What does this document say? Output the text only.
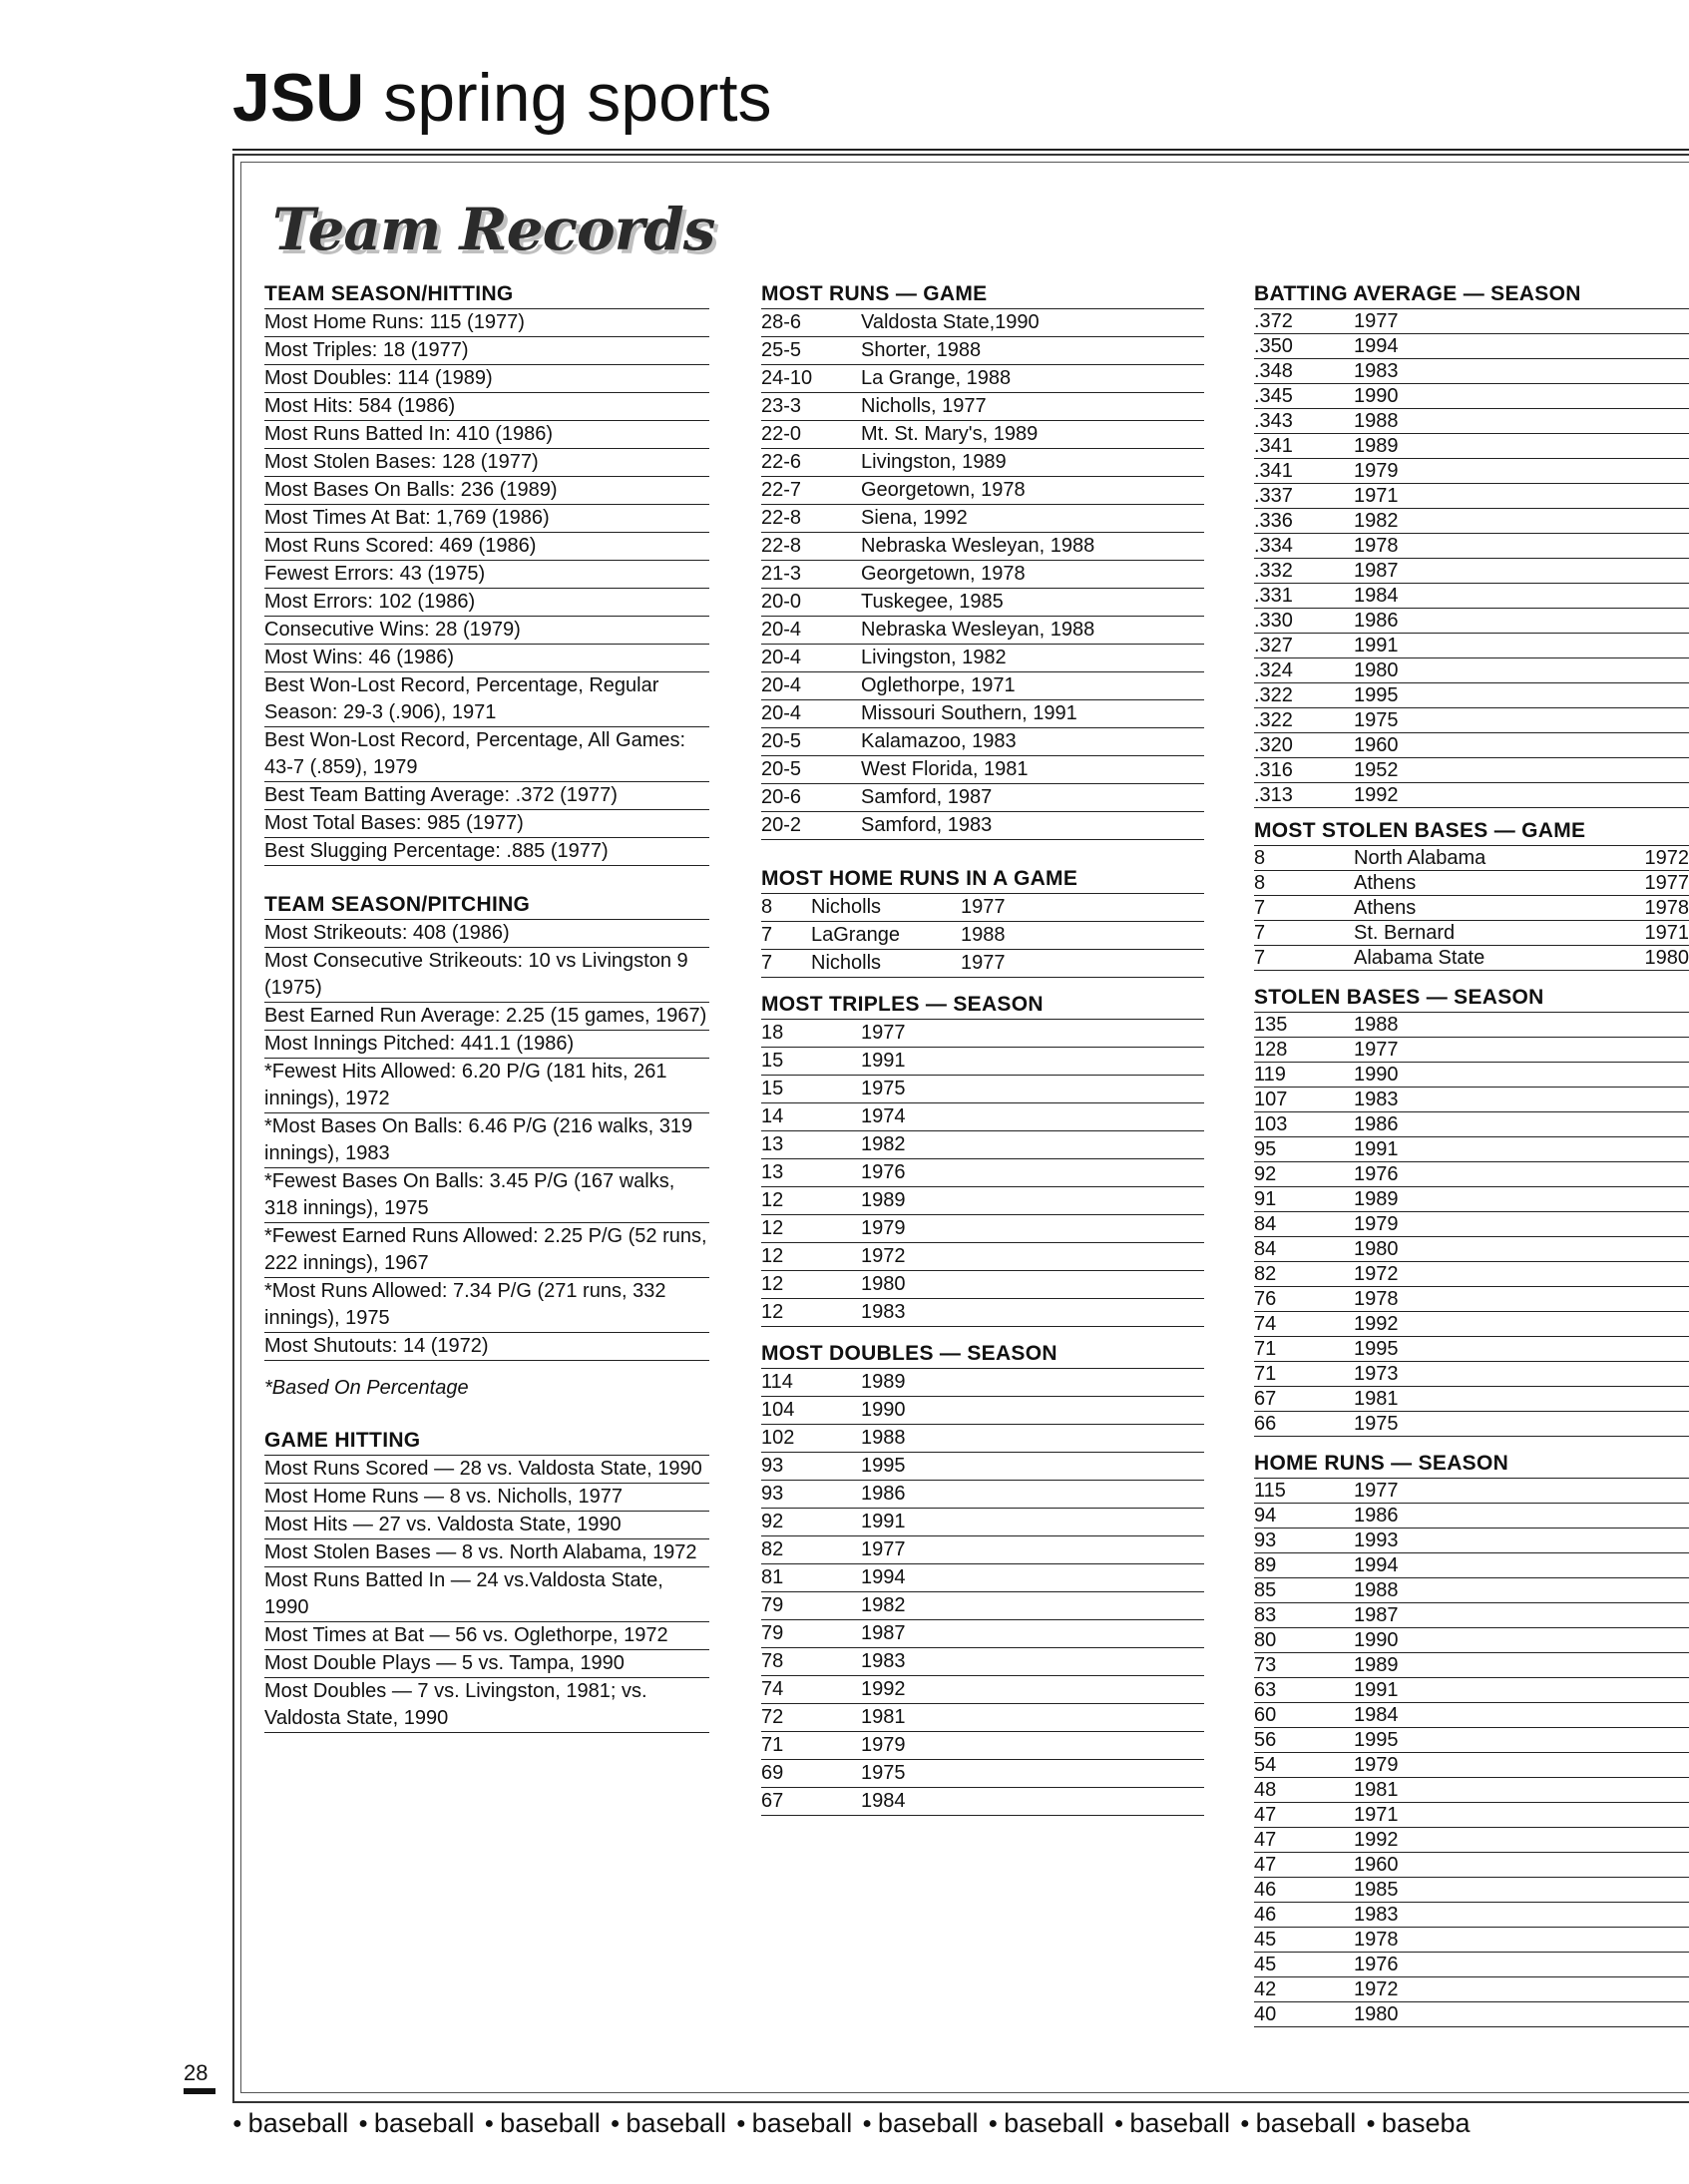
JSU spring sports
Team Records
TEAM SEASON/HITTING
Most Home Runs: 115 (1977)
Most Triples: 18 (1977)
Most Doubles: 114 (1989)
Most Hits: 584 (1986)
Most Runs Batted In: 410 (1986)
Most Stolen Bases: 128 (1977)
Most Bases On Balls: 236 (1989)
Most Times At Bat: 1,769 (1986)
Most Runs Scored: 469 (1986)
Fewest Errors: 43 (1975)
Most Errors: 102 (1986)
Consecutive Wins: 28 (1979)
Most Wins: 46 (1986)
Best Won-Lost Record, Percentage, Regular Season: 29-3 (.906), 1971
Best Won-Lost Record, Percentage, All Games: 43-7 (.859), 1979
Best Team Batting Average: .372 (1977)
Most Total Bases: 985 (1977)
Best Slugging Percentage: .885 (1977)
TEAM SEASON/PITCHING
Most Strikeouts: 408 (1986)
Most Consecutive Strikeouts: 10 vs Livingston 9 (1975)
Best Earned Run Average: 2.25 (15 games, 1967)
Most Innings Pitched: 441.1 (1986)
*Fewest Hits Allowed: 6.20 P/G (181 hits, 261 innings), 1972
*Most Bases On Balls: 6.46 P/G (216 walks, 319 innings), 1983
*Fewest Bases On Balls: 3.45 P/G (167 walks, 318 innings), 1975
*Fewest Earned Runs Allowed: 2.25 P/G (52 runs, 222 innings), 1967
*Most Runs Allowed: 7.34 P/G (271 runs, 332 innings), 1975
Most Shutouts: 14 (1972)
*Based On Percentage
GAME HITTING
Most Runs Scored — 28 vs. Valdosta State, 1990
Most Home Runs — 8 vs. Nicholls, 1977
Most Hits — 27 vs. Valdosta State, 1990
Most Stolen Bases — 8 vs. North Alabama, 1972
Most Runs Batted In — 24 vs.Valdosta State, 1990
Most Times at Bat — 56 vs. Oglethorpe, 1972
Most Double Plays — 5 vs. Tampa, 1990
Most Doubles — 7 vs. Livingston, 1981; vs. Valdosta State, 1990
MOST RUNS — GAME
28-6	Valdosta State,1990
25-5	Shorter, 1988
24-10	La Grange, 1988
23-3	Nicholls, 1977
22-0	Mt. St. Mary's, 1989
22-6	Livingston, 1989
22-7	Georgetown, 1978
22-8	Siena, 1992
22-8	Nebraska Wesleyan, 1988
21-3	Georgetown, 1978
20-0	Tuskegee, 1985
20-4	Nebraska Wesleyan, 1988
20-4	Livingston, 1982
20-4	Oglethorpe, 1971
20-4	Missouri Southern, 1991
20-5	Kalamazoo, 1983
20-5	West Florida, 1981
20-6	Samford, 1987
20-2	Samford, 1983
MOST HOME RUNS IN A GAME
8	Nicholls	1977
7	LaGrange	1988
7	Nicholls	1977
MOST TRIPLES — SEASON
18	1977
15	1991
15	1975
14	1974
13	1982
13	1976
12	1989
12	1979
12	1972
12	1980
12	1983
MOST DOUBLES — SEASON
114	1989
104	1990
102	1988
93	1995
93	1986
92	1991
82	1977
81	1994
79	1982
79	1987
78	1983
74	1992
72	1981
71	1979
69	1975
67	1984
BATTING AVERAGE — SEASON
.372	1977
.350	1994
.348	1983
.345	1990
.343	1988
.341	1989
.341	1979
.337	1971
.336	1982
.334	1978
.332	1987
.331	1984
.330	1986
.327	1991
.324	1980
.322	1995
.322	1975
.320	1960
.316	1952
.313	1992
MOST STOLEN BASES — GAME
8	North Alabama	1972
8	Athens	1977
7	Athens	1978
7	St. Bernard	1971
7	Alabama State	1980
STOLEN BASES — SEASON
135	1988
128	1977
119	1990
107	1983
103	1986
95	1991
92	1976
91	1989
84	1979
84	1980
82	1972
76	1978
74	1992
71	1995
71	1973
67	1981
66	1975
HOME RUNS — SEASON
115	1977
94	1986
93	1993
89	1994
85	1988
83	1987
80	1990
73	1989
63	1991
60	1984
56	1995
54	1979
48	1981
47	1971
47	1992
47	1960
46	1985
46	1983
45	1978
45	1976
42	1972
40	1980
28
● baseball ● baseball ● baseball ● baseball ● baseball ● baseball ● baseball ● baseball ● baseball ● baseba
